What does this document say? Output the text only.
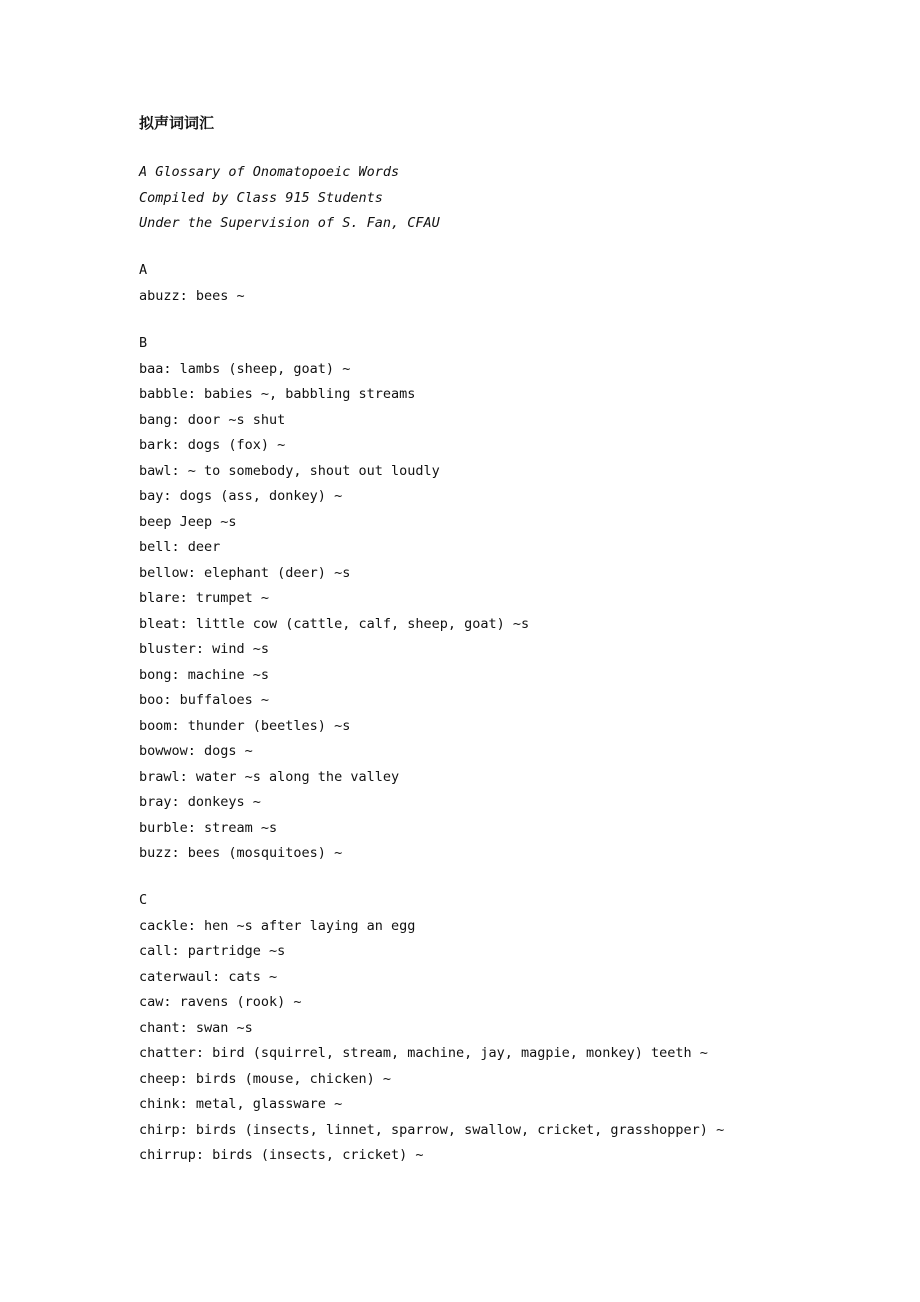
拟声词词汇
A Glossary of Onomatopoeic Words
Compiled by Class 915 Students
Under the Supervision of S. Fan, CFAU
A
abuzz: bees ~
B
baa: lambs (sheep, goat) ~
babble: babies ~, babbling streams
bang: door ~s shut
bark: dogs (fox) ~
bawl: ~ to somebody, shout out loudly
bay: dogs (ass, donkey) ~
beep Jeep ~s
bell: deer
bellow: elephant (deer) ~s
blare: trumpet ~
bleat: little cow (cattle, calf, sheep, goat) ~s
bluster: wind ~s
bong: machine ~s
boo: buffaloes ~
boom: thunder (beetles) ~s
bowwow: dogs ~
brawl: water ~s along the valley
bray: donkeys ~
burble: stream ~s
buzz: bees (mosquitoes) ~
C
cackle: hen ~s after laying an egg
call: partridge ~s
caterwaul: cats ~
caw: ravens (rook) ~
chant: swan ~s
chatter: bird (squirrel, stream, machine, jay, magpie, monkey) teeth ~
cheep: birds (mouse, chicken) ~
chink: metal, glassware ~
chirp: birds (insects, linnet, sparrow, swallow, cricket, grasshopper) ~
chirrup: birds (insects, cricket) ~
